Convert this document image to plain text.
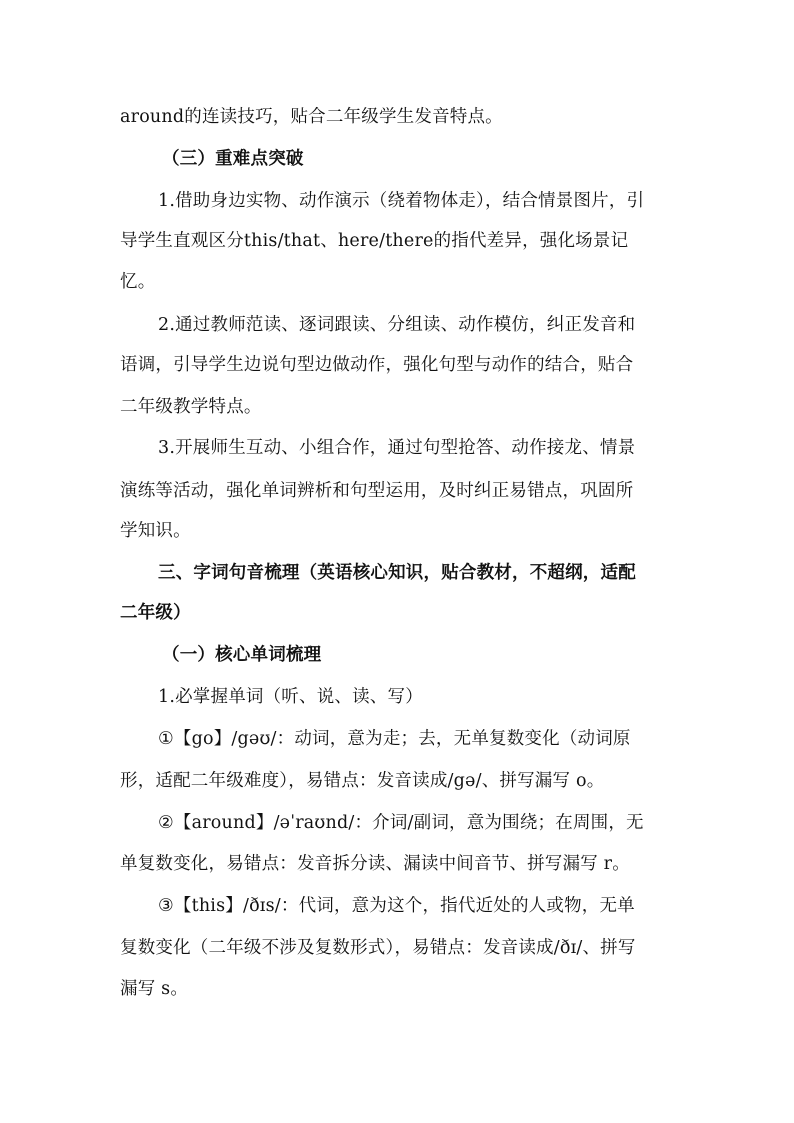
around的连读技巧，贴合二年级学生发音特点。
（三）重难点突破
1.借助身边实物、动作演示（绕着物体走），结合情景图片，引
导学生直观区分this/that、here/there的指代差异，强化场景记
忆。
2.通过教师范读、逐词跟读、分组读、动作模仿，纠正发音和
语调，引导学生边说句型边做动作，强化句型与动作的结合，贴合
二年级教学特点。
3.开展师生互动、小组合作，通过句型抢答、动作接龙、情景
演练等活动，强化单词辨析和句型运用，及时纠正易错点，巩固所
学知识。
三、字词句音梳理（英语核心知识，贴合教材，不超纲，适配
二年级）
（一）核心单词梳理
1.必掌握单词（听、说、读、写）
①【go】/gəʊ/：动词，意为走；去，无单复数变化（动词原
形，适配二年级难度），易错点：发音读成/gə/、拼写漏写 o。
②【around】/əˈraʊnd/：介词/副词，意为围绕；在周围，无
单复数变化，易错点：发音拆分读、漏读中间音节、拼写漏写 r。
③【this】/ðɪs/：代词，意为这个，指代近处的人或物，无单
复数变化（二年级不涉及复数形式），易错点：发音读成/ðɪ/、拼写
漏写 s。
